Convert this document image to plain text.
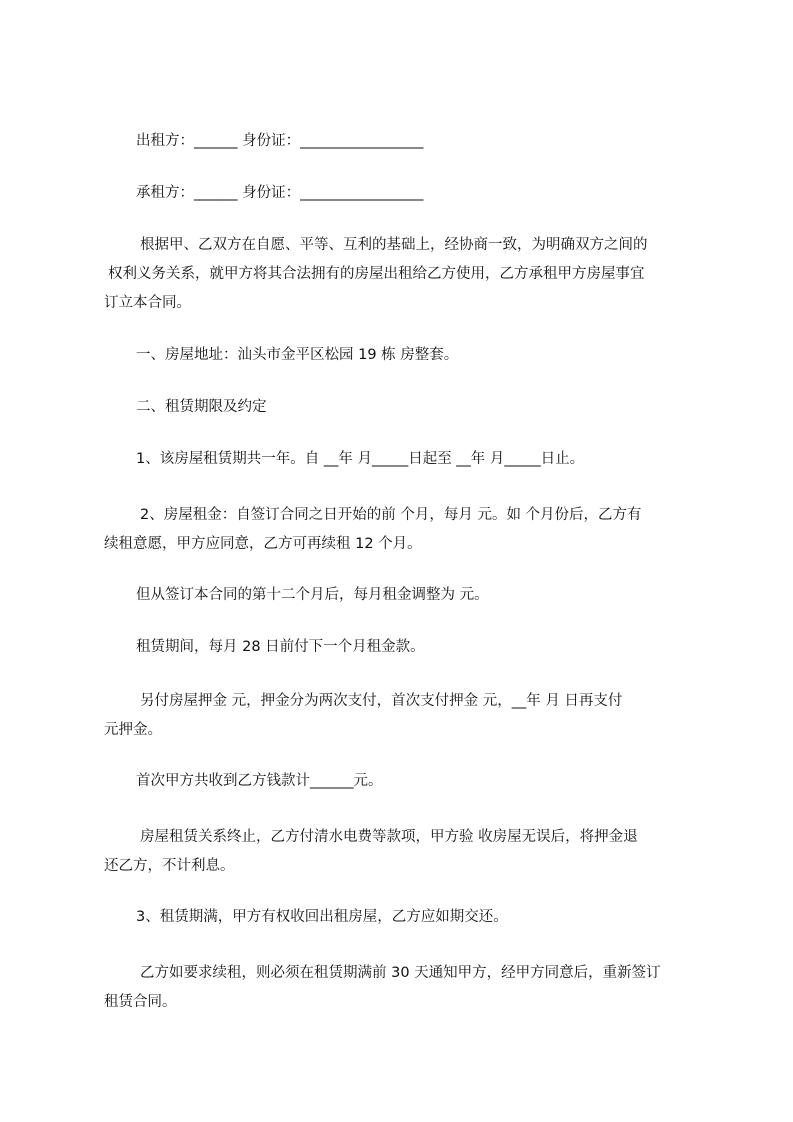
出租方：______ 身份证：_________________

承租方：______ 身份证：_________________

根据甲、乙双方在自愿、平等、互利的基础上，经协商一致，为明确双方之间的

权利义务关系，就甲方将其合法拥有的房屋出租给乙方使用，乙方承租甲方房屋事宜

订立本合同。

一、房屋地址：汕头市金平区松园 19 栋 房整套。

二、租赁期限及约定

1、该房屋租赁期共一年。自 __年 月_____日起至 __年 月_____日止。

2、房屋租金：自签订合同之日开始的前 个月，每月 元。如 个月份后，乙方有

续租意愿，甲方应同意，乙方可再续租 12 个月。

但从签订本合同的第十二个月后，每月租金调整为 元。

租赁期间，每月 28 日前付下一个月租金款。

另付房屋押金 元，押金分为两次支付，首次支付押金 元，__年 月 日再支付

元押金。

首次甲方共收到乙方钱款计______元。

房屋租赁关系终止，乙方付清水电费等款项，甲方验 收房屋无误后，将押金退

还乙方，不计利息。

3、租赁期满，甲方有权收回出租房屋，乙方应如期交还。

乙方如要求续租，则必须在租赁期满前 30 天通知甲方，经甲方同意后，重新签订

租赁合同。
